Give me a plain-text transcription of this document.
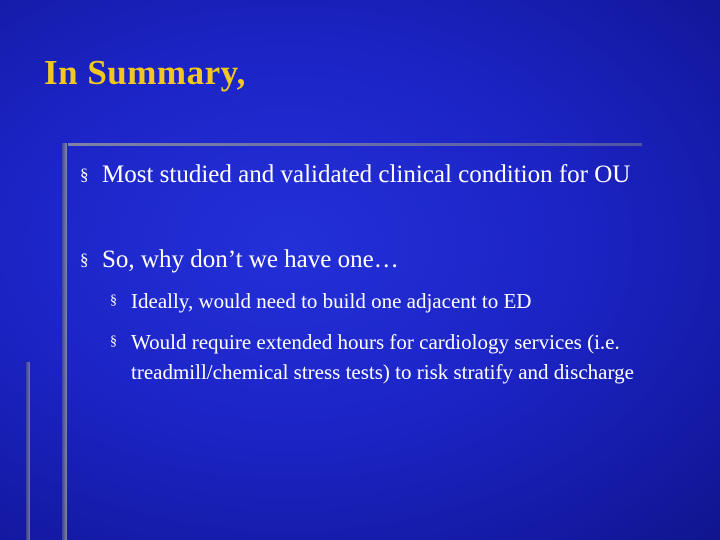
In Summary,
§ Most studied and validated clinical condition for OU
§ So, why don’t we have one…
§ Ideally, would need to build one adjacent to ED
§ Would require extended hours for cardiology services (i.e. treadmill/chemical stress tests) to risk stratify and discharge
